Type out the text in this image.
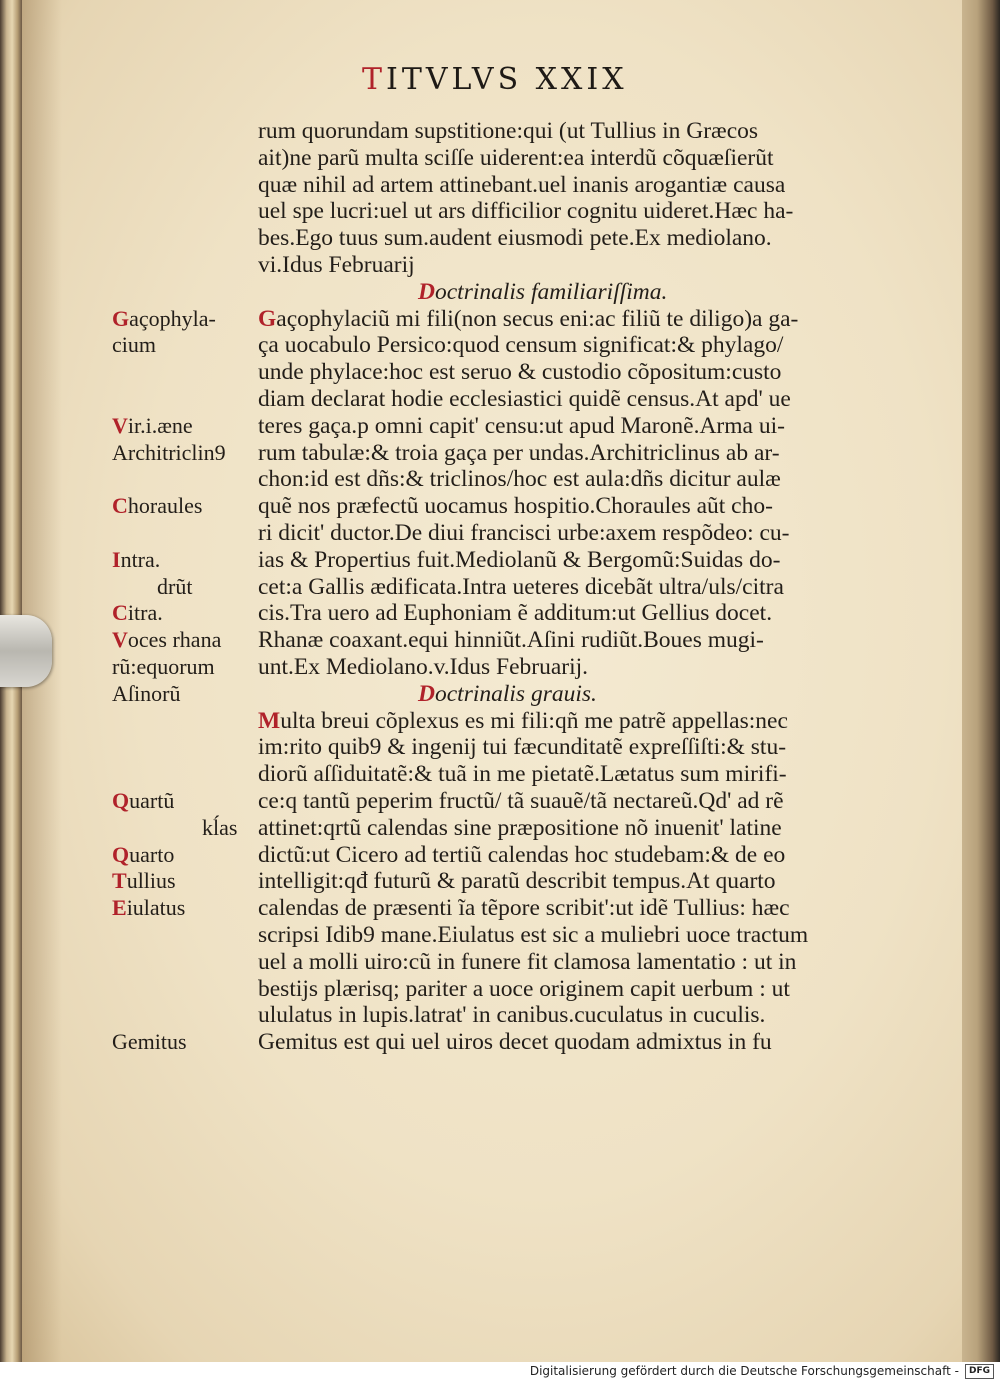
TITVLVS XXIX
Gaçophyla-
cium
Vir.i.æne
Architriclin9
Choraules
Intra.
drũt
Citra.
Voces rhana
rũ:equorum
Aſinorũ
Quartũ
kĺas
Quarto
Tullius
Eiulatus
Gemitus
rum quorundam supstitione:qui (ut Tullius in Græcos
ait)ne parũ multa sciſſe uiderent:ea interdũ cõquæſierũt
quæ nihil ad artem attinebant.uel inanis arogantiæ causa
uel spe lucri:uel ut ars difficilior cognitu uideret.Hæc ha-
bes.Ego tuus sum.audent eiusmodi pete.Ex mediolano.
vi.Idus Februarij
Doctrinalis familiariſſima.
Gaçophylaciũ mi fili(non secus eni:ac filiũ te diligo)a ga-
ça uocabulo Persico:quod censum significat:& phylago/
unde phylace:hoc est seruo & custodio cõpositum:custo
diam declarat hodie ecclesiastici quidẽ census.At apd' ue
teres gaça.p omni capit' censu:ut apud Maronẽ.Arma ui-
rum tabulæ:& troia gaça per undas.Architriclinus ab ar-
chon:id est dñs:& triclinos/hoc est aula:dñs dicitur aulæ
quẽ nos præfectũ uocamus hospitio.Choraules aũt cho-
ri dicit' ductor.De diui francisci urbe:axem respõdeo: cu-
ias & Propertius fuit.Mediolanũ & Bergomũ:Suidas do-
cet:a Gallis ædificata.Intra ueteres dicebãt ultra/uls/citra
cis.Tra uero ad Euphoniam ẽ additum:ut Gellius docet.
Rhanæ coaxant.equi hinniũt.Aſini rudiũt.Boues mugi-
unt.Ex Mediolano.v.Idus Februarij.
Doctrinalis grauis.
Multa breui cõplexus es mi fili:qñ me patrẽ appellas:nec
im:rito quib9 & ingenij tui fæcunditatẽ expreſſiſti:& stu-
diorũ aſſiduitatẽ:& tuã in me pietatẽ.Lætatus sum mirifi-
ce:q tantũ peperim fructũ/ tã suauẽ/tã nectareũ.Qd' ad rẽ
attinet:qrtũ calendas sine præpositione nõ inuenit' latine
dictũ:ut Cicero ad tertiũ calendas hoc studebam:& de eo
intelligit:qđ futurũ & paratũ describit tempus.At quarto
calendas de præsenti ĩa tẽpore scribit':ut idẽ Tullius: hæc
scripsi Idib9 mane.Eiulatus est sic a muliebri uoce tractum
uel a molli uiro:cũ in funere fit clamosa lamentatio : ut in
bestijs plærisq; pariter a uoce originem capit uerbum : ut
ululatus in lupis.latrat' in canibus.cuculatus in cuculis.
Gemitus est qui uel uiros decet quodam admixtus in fu
Digitalisierung gefördert durch die Deutsche Forschungsgemeinschaft - DFG
